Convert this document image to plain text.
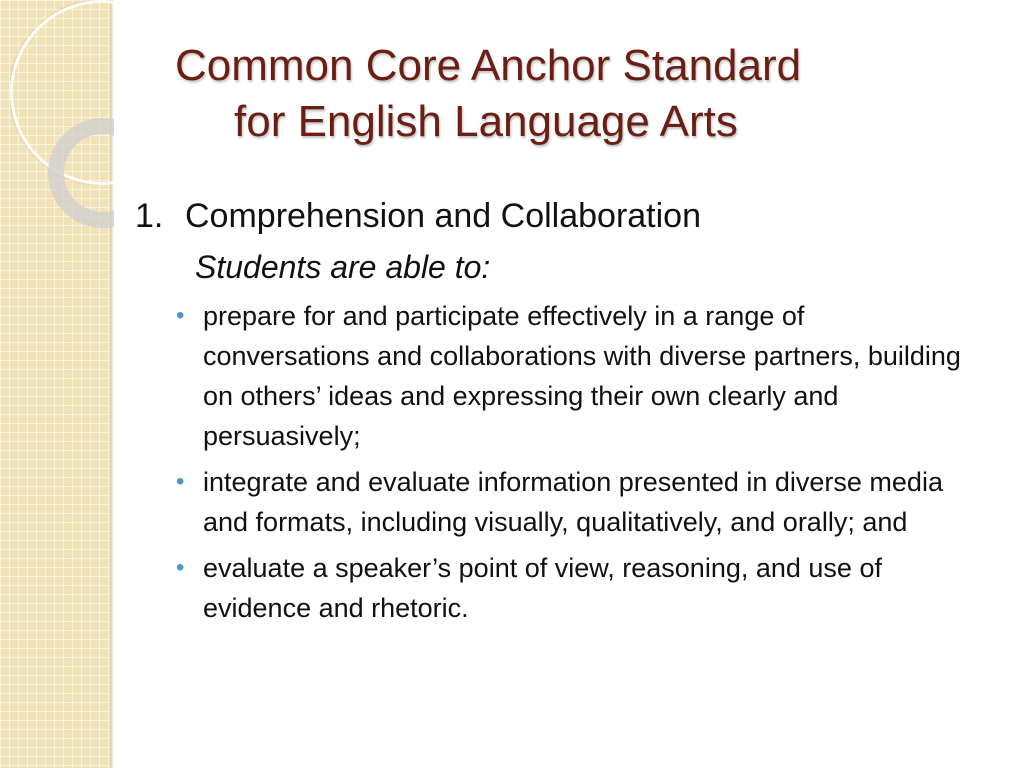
Common Core Anchor Standard
for English Language Arts

1. Comprehension and Collaboration

Students are able to:

• prepare for and participate effectively in a range of conversations and collaborations with diverse partners, building on others’ ideas and expressing their own clearly and persuasively;
• integrate and evaluate information presented in diverse media and formats, including visually, qualitatively, and orally; and
• evaluate a speaker’s point of view, reasoning, and use of evidence and rhetoric.
